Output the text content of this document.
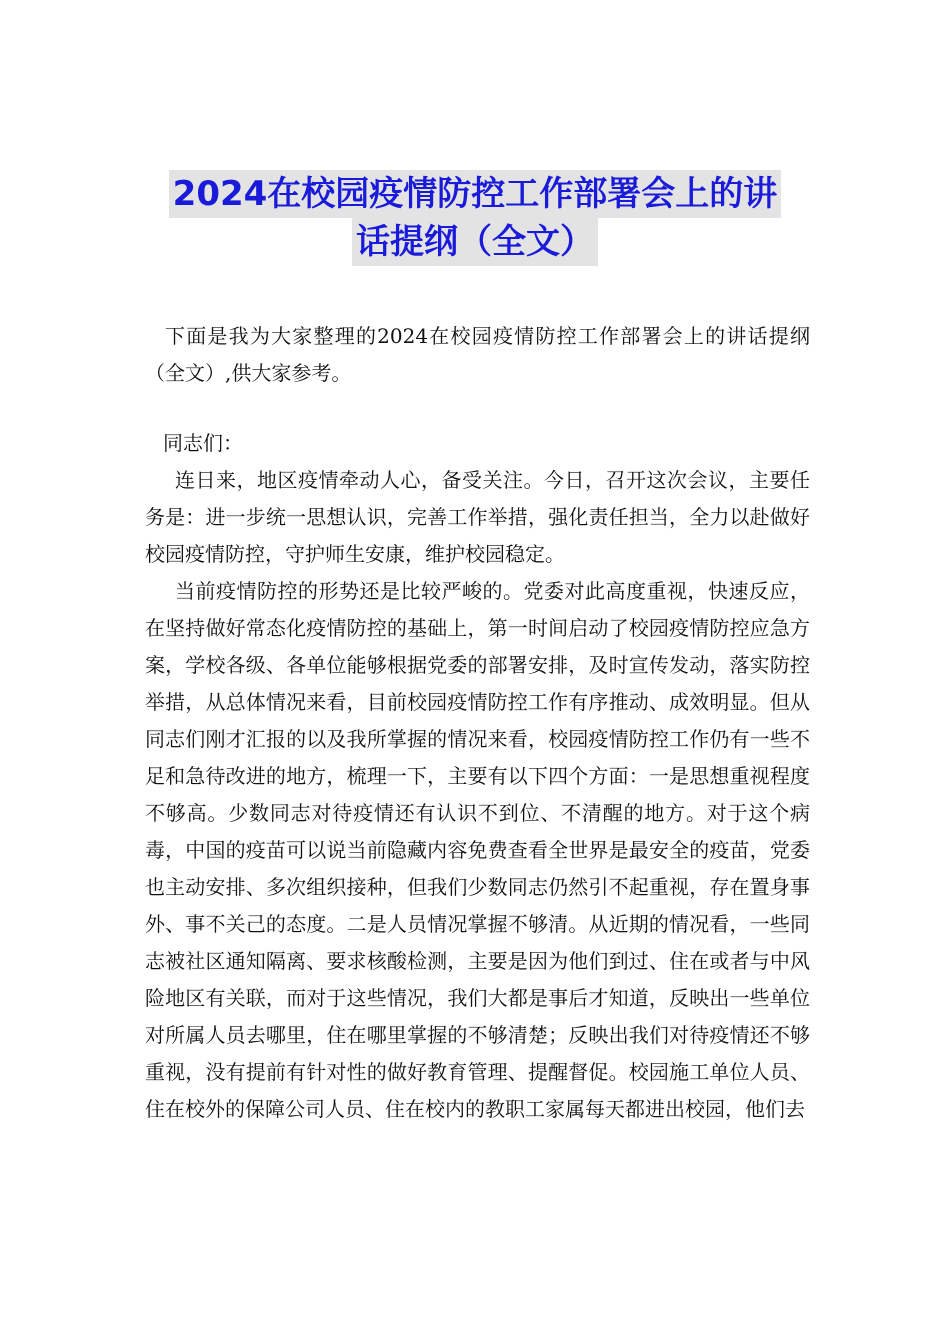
2024在校园疫情防控工作部署会上的讲
话提纲（全文）

下面是我为大家整理的2024在校园疫情防控工作部署会上的讲话提纲（全文）,供大家参考。

同志们：

连日来，地区疫情牵动人心，备受关注。今日，召开这次会议，主要任务是：进一步统一思想认识，完善工作举措，强化责任担当，全力以赴做好校园疫情防控，守护师生安康，维护校园稳定。

当前疫情防控的形势还是比较严峻的。党委对此高度重视，快速反应，在坚持做好常态化疫情防控的基础上，第一时间启动了校园疫情防控应急方案，学校各级、各单位能够根据党委的部署安排，及时宣传发动，落实防控举措，从总体情况来看，目前校园疫情防控工作有序推动、成效明显。但从同志们刚才汇报的以及我所掌握的情况来看，校园疫情防控工作仍有一些不足和急待改进的地方，梳理一下，主要有以下四个方面：一是思想重视程度不够高。少数同志对待疫情还有认识不到位、不清醒的地方。对于这个病毒，中国的疫苗可以说当前隐藏内容免费查看全世界是最安全的疫苗，党委也主动安排、多次组织接种，但我们少数同志仍然引不起重视，存在置身事外、事不关己的态度。二是人员情况掌握不够清。从近期的情况看，一些同志被社区通知隔离、要求核酸检测，主要是因为他们到过、住在或者与中风险地区有关联，而对于这些情况，我们大都是事后才知道，反映出一些单位对所属人员去哪里，住在哪里掌握的不够清楚；反映出我们对待疫情还不够重视，没有提前有针对性的做好教育管理、提醒督促。校园施工单位人员、住在校外的保障公司人员、住在校内的教职工家属每天都进出校园，他们去
